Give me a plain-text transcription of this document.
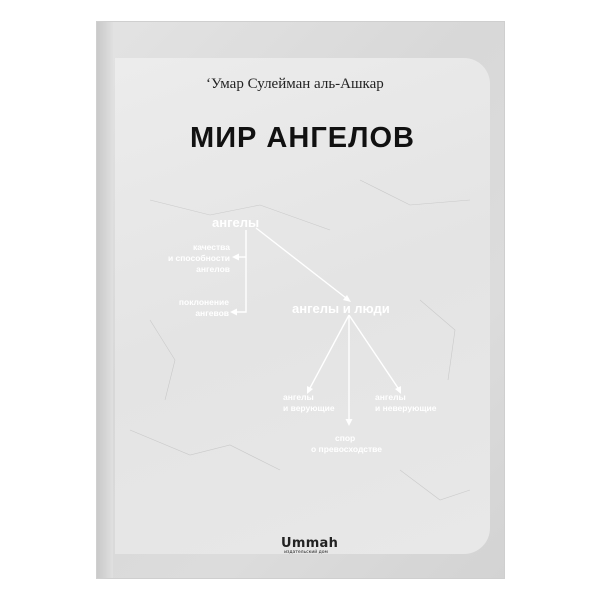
ʻУмар Сулейман аль-Ашкар
МИР АНГЕЛОВ
ангелы
качества
и способности
ангелов
поклонение
ангевов	ангелы и люди
ангелы
и верующие
ангелы
и неверующие
спор
о превосходстве
Ummah
издательский дом
